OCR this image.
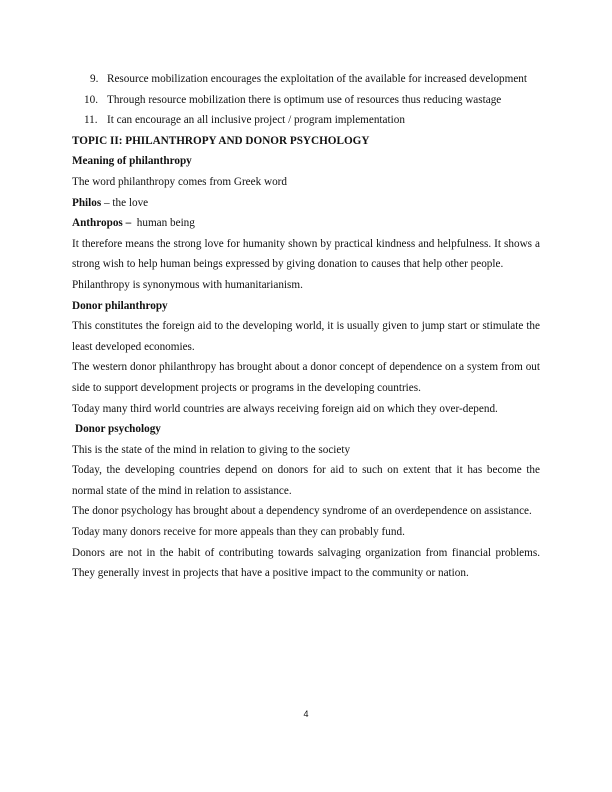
9. Resource mobilization encourages the exploitation of the available for increased development

10. Through resource mobilization there is optimum use of resources thus reducing wastage

11. It can encourage an all inclusive project / program implementation

TOPIC II: PHILANTHROPY AND DONOR PSYCHOLOGY

Meaning of philanthropy

The word philanthropy comes from Greek word

Philos – the love

Anthropos –  human being

It therefore means the strong love for humanity shown by practical kindness and helpfulness. It shows a strong wish to help human beings expressed by giving donation to causes that help other people.

Philanthropy is synonymous with humanitarianism.

Donor philanthropy

This constitutes the foreign aid to the developing world, it is usually given to jump start or stimulate the least developed economies.

The western donor philanthropy has brought about a donor concept of dependence on a system from out side to support development projects or programs in the developing countries.

Today many third world countries are always receiving foreign aid on which they over-depend.

Donor psychology

This is the state of the mind in relation to giving to the society

Today, the developing countries depend on donors for aid to such on extent that it has become the normal state of the mind in relation to assistance.

The donor psychology has brought about a dependency syndrome of an overdependence on assistance.

Today many donors receive for more appeals than they can probably fund.

Donors are not in the habit of contributing towards salvaging organization from financial problems. They generally invest in projects that have a positive impact to the community or nation.

4
